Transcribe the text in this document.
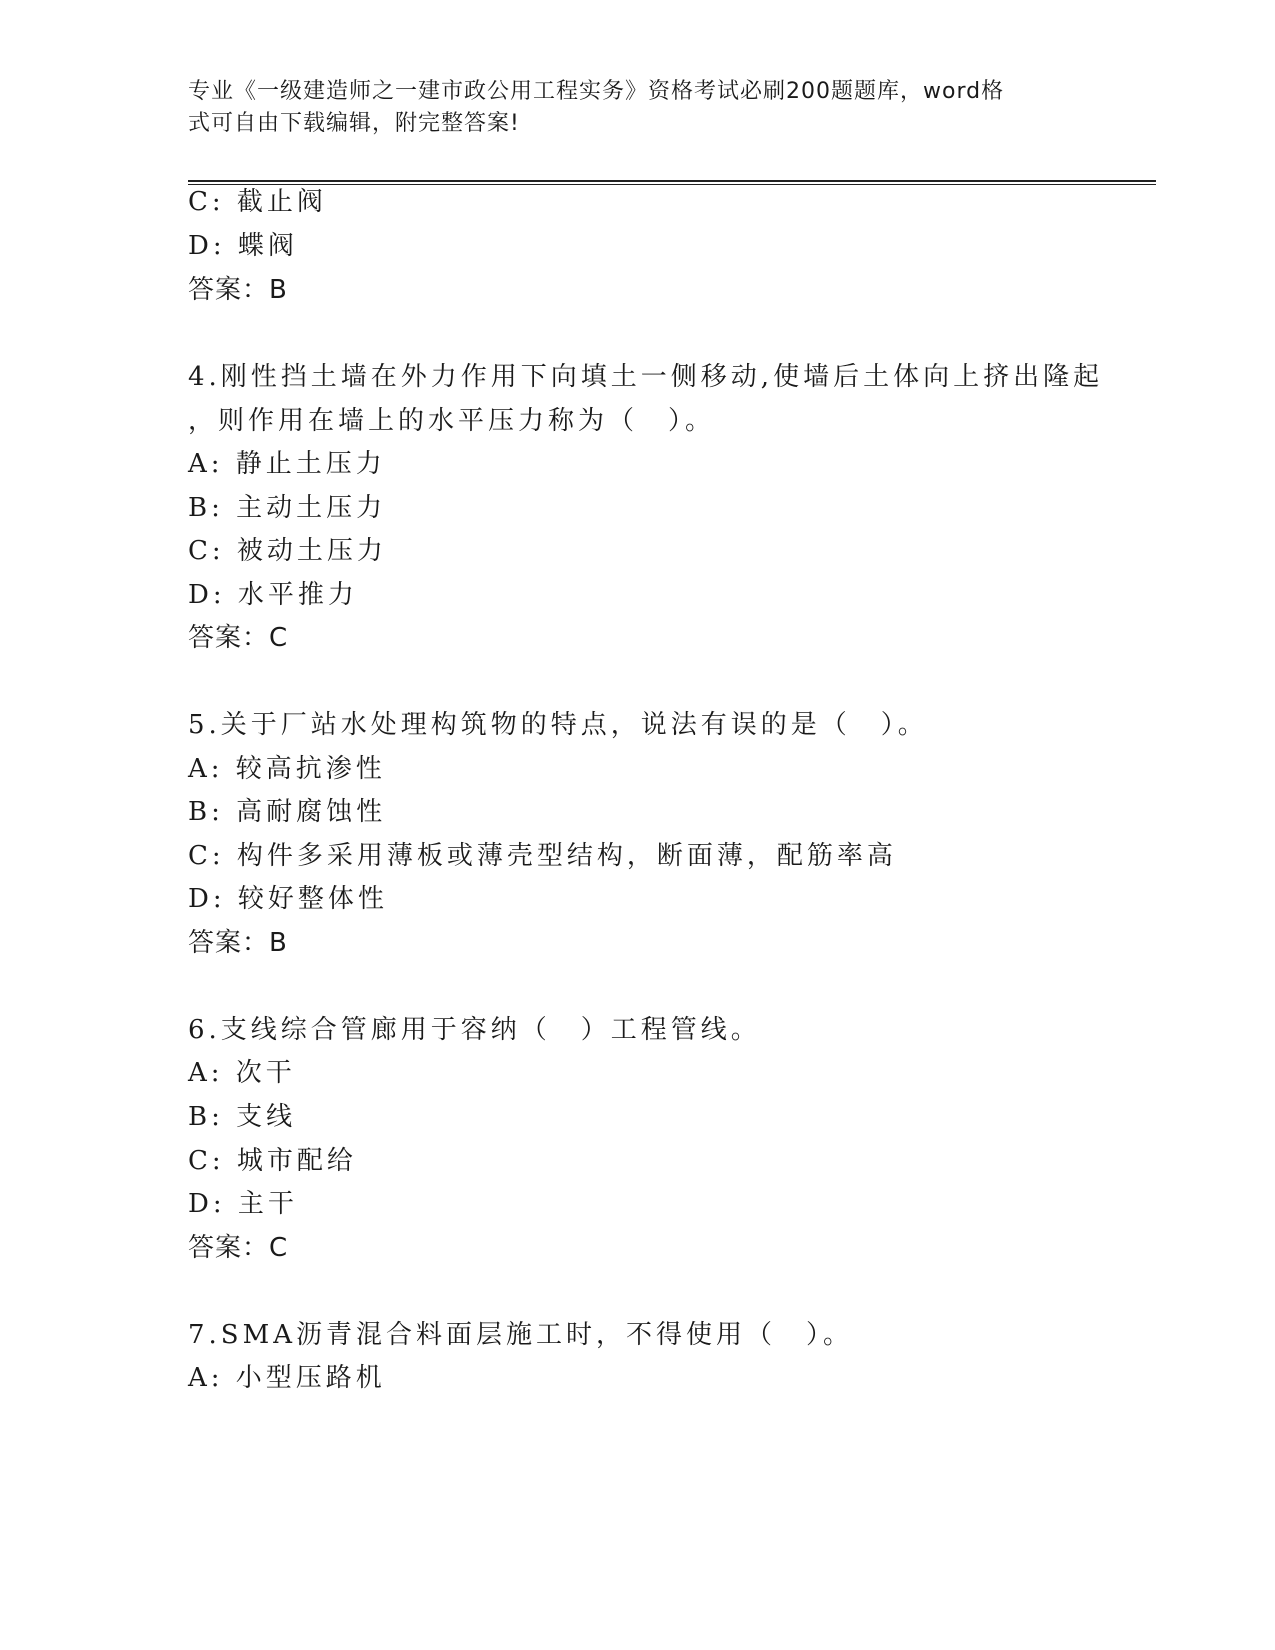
专业《一级建造师之一建市政公用工程实务》资格考试必刷200题题库，word格
式可自由下载编辑，附完整答案!
C: 截止阀
D: 蝶阀
答案：B
4.刚性挡土墙在外力作用下向填土一侧移动,使墙后土体向上挤出隆起
，则作用在墙上的水平压力称为（　）。
A: 静止土压力
B: 主动土压力
C: 被动土压力
D: 水平推力
答案：C
5.关于厂站水处理构筑物的特点，说法有误的是（　）。
A: 较高抗渗性
B: 高耐腐蚀性
C: 构件多采用薄板或薄壳型结构，断面薄，配筋率高
D: 较好整体性
答案：B
6.支线综合管廊用于容纳（　）工程管线。
A: 次干
B: 支线
C: 城市配给
D: 主干
答案：C
7.SMA沥青混合料面层施工时，不得使用（　）。
A: 小型压路机
